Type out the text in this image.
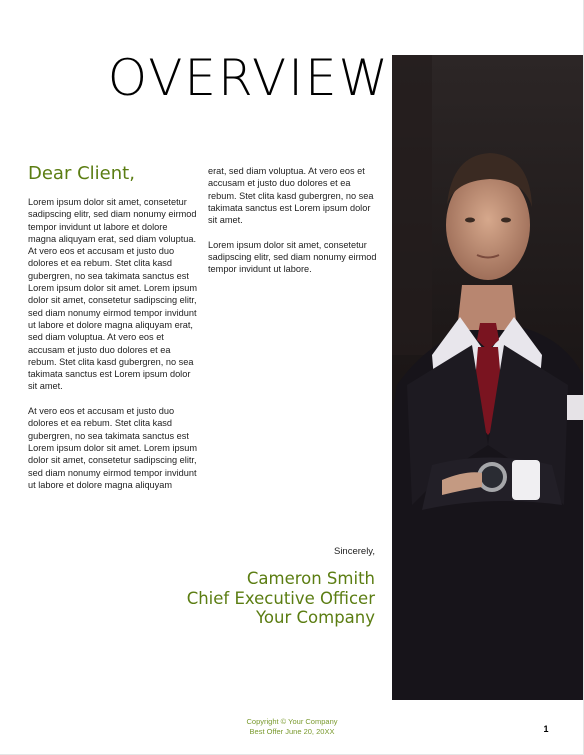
OVERVIEW
Dear Client,

Lorem ipsum dolor sit amet, consetetur sadipscing elitr, sed diam nonumy eirmod tempor invidunt ut labore et dolore magna aliquyam erat, sed diam voluptua. At vero eos et accusam et justo duo dolores et ea rebum. Stet clita kasd gubergren, no sea takimata sanctus est Lorem ipsum dolor sit amet. Lorem ipsum dolor sit amet, consetetur sadipscing elitr, sed diam nonumy eirmod tempor invidunt ut labore et dolore magna aliquyam erat, sed diam voluptua. At vero eos et accusam et justo duo dolores et ea rebum. Stet clita kasd gubergren, no sea takimata sanctus est Lorem ipsum dolor sit amet.

At vero eos et accusam et justo duo dolores et ea rebum. Stet clita kasd gubergren, no sea takimata sanctus est Lorem ipsum dolor sit amet. Lorem ipsum dolor sit amet, consetetur sadipscing elitr, sed diam nonumy eirmod tempor invidunt ut labore et dolore magna aliquyam

erat, sed diam voluptua. At vero eos et accusam et justo duo dolores et ea rebum. Stet clita kasd gubergren, no sea takimata sanctus est Lorem ipsum dolor sit amet.

Lorem ipsum dolor sit amet, consetetur sadipscing elitr, sed diam nonumy eirmod tempor invidunt ut labore.

Sincerely,
Cameron Smith
Chief Executive Officer
Your Company
Copyright © Your Company
Best Offer June 20, 20XX	1
